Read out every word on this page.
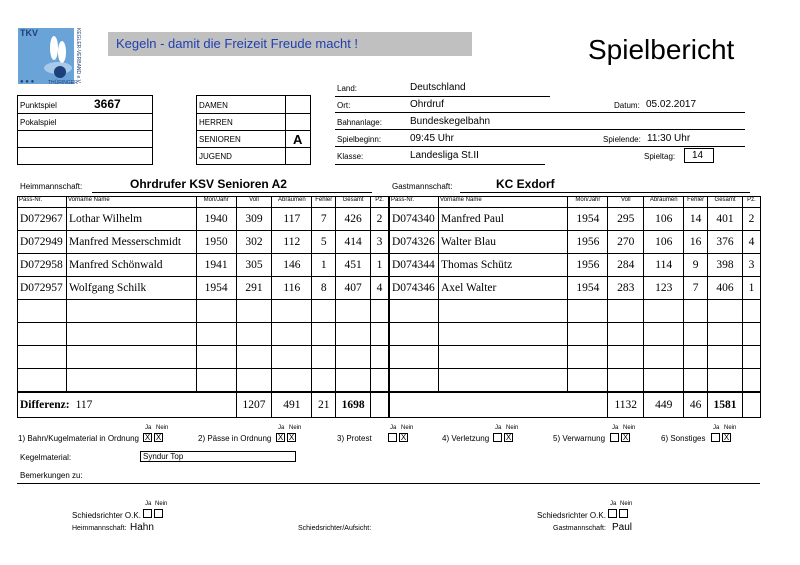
TKV	KEGLER-VERBAND e.V.
THÜRINGER
● ● ●
Kegeln - damit die Freizeit Freude macht !	Spielbericht
Punktspiel	3667
Pokalspiel
DAMEN
HERREN
SENIOREN
JUGEND
A
Land:	Deutschland
Ort:	Ohrdruf	Datum: 05.02.2017
Bahnanlage:	Bundeskegelbahn
Spielbeginn:	09:45 Uhr	Spielende: 11:30 Uhr
Klasse:	Landesliga St.II	Spieltag: 14
Heimmannschaft:	Ohrdrufer KSV Senioren A2	Gastmannschaft:	KC Exdorf
Pass-Nr.	Vorname Name	Mon/Jahr	Voll	Abräumen	Fehler	Gesamt	Pz.
D072967	Lothar Wilhelm	1940	309	117	7	426	2
D072949	Manfred Messerschmidt	1950	302	112	5	414	3
D072958	Manfred Schönwald	1941	305	146	1	451	1
D072957	Wolfgang Schilk	1954	291	116	8	407	4

Differenz: 117			1207	491	21	1698	
Pass-Nr.	Vorname Name	Mon/Jahr	Voll	Abräumen	Fehler	Gesamt	Pz.
D074340	Manfred Paul	1954	295	106	14	401	2
D074326	Walter Blau	1956	270	106	16	376	4
D074344	Thomas Schütz	1956	284	114	9	398	3
D074346	Axel Walter	1954	283	123	7	406	1

			1132	449	46	1581	
1) Bahn/Kugelmaterial in Ordnung
Ja
X
Nein
X	2) Pässe in Ordnung
Ja
X
Nein
X	3) Protest
Ja Nein
X	4) Verletzung
Ja Nein
X	5) Verwarnung
Ja Nein
X	6) Sonstiges
Ja Nein
X
Kegelmaterial:	Syndur Top
Bemerkungen zu:
Schiedsrichter O.K.
Ja Nein
Heimmannschaft: Hahn	Schiedsrichter/Aufsicht:
Schiedsrichter O.K.
Ja Nein
Gastmannschaft: Paul
